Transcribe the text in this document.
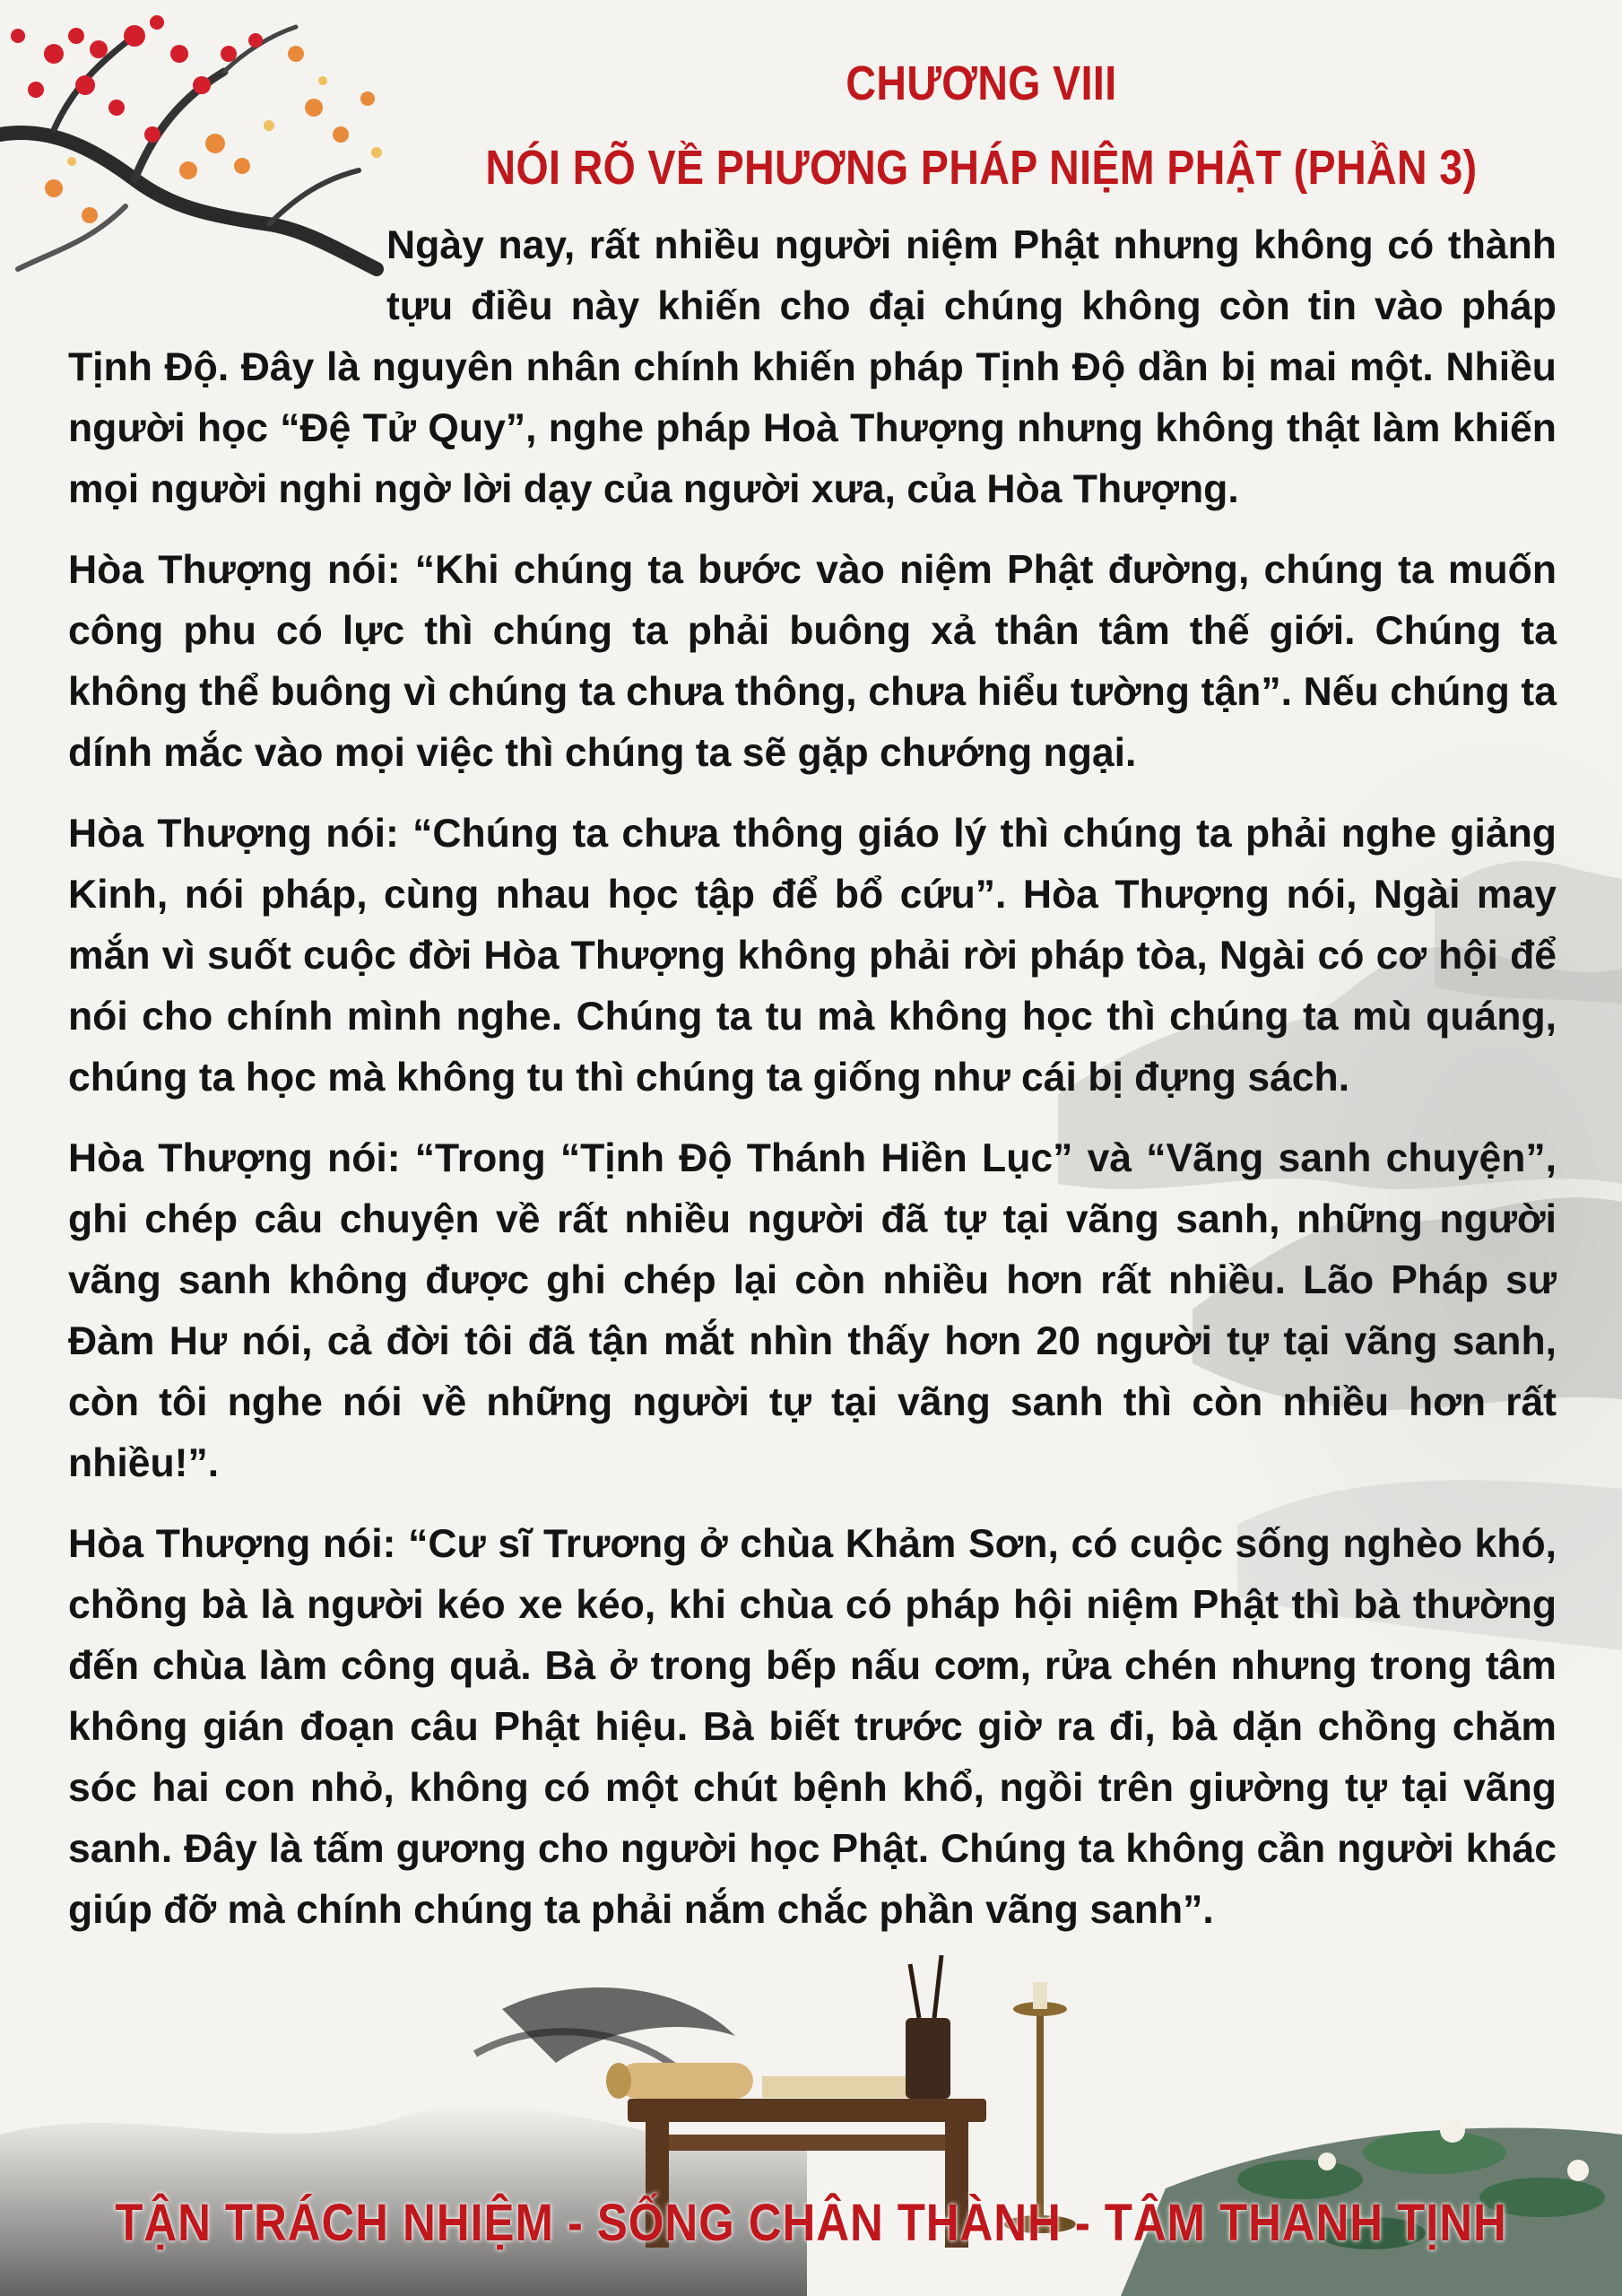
CHƯƠNG VIII
NÓI RÕ VỀ PHƯƠNG PHÁP NIỆM PHẬT (PHẦN 3)

Ngày nay, rất nhiều người niệm Phật nhưng không có thành tựu điều này khiến cho đại chúng không còn tin vào pháp Tịnh Độ. Đây là nguyên nhân chính khiến pháp Tịnh Độ dần bị mai một. Nhiều người học “Đệ Tử Quy”, nghe pháp Hoà Thượng nhưng không thật làm khiến mọi người nghi ngờ lời dạy của người xưa, của Hòa Thượng.

Hòa Thượng nói: “Khi chúng ta bước vào niệm Phật đường, chúng ta muốn công phu có lực thì chúng ta phải buông xả thân tâm thế giới. Chúng ta không thể buông vì chúng ta chưa thông, chưa hiểu tường tận”. Nếu chúng ta dính mắc vào mọi việc thì chúng ta sẽ gặp chướng ngại.

Hòa Thượng nói: “Chúng ta chưa thông giáo lý thì chúng ta phải nghe giảng Kinh, nói pháp, cùng nhau học tập để bổ cứu”. Hòa Thượng nói, Ngài may mắn vì suốt cuộc đời Hòa Thượng không phải rời pháp tòa, Ngài có cơ hội để nói cho chính mình nghe. Chúng ta tu mà không học thì chúng ta mù quáng, chúng ta học mà không tu thì chúng ta giống như cái bị đựng sách.

Hòa Thượng nói: “Trong “Tịnh Độ Thánh Hiền Lục” và “Vãng sanh chuyện”, ghi chép câu chuyện về rất nhiều người đã tự tại vãng sanh, những người vãng sanh không được ghi chép lại còn nhiều hơn rất nhiều. Lão Pháp sư Đàm Hư nói, cả đời tôi đã tận mắt nhìn thấy hơn 20 người tự tại vãng sanh, còn tôi nghe nói về những người tự tại vãng sanh thì còn nhiều hơn rất nhiều!”.

Hòa Thượng nói: “Cư sĩ Trương ở chùa Khảm Sơn, có cuộc sống nghèo khó, chồng bà là người kéo xe kéo, khi chùa có pháp hội niệm Phật thì bà thường đến chùa làm công quả. Bà ở trong bếp nấu cơm, rửa chén nhưng trong tâm không gián đoạn câu Phật hiệu. Bà biết trước giờ ra đi, bà dặn chồng chăm sóc hai con nhỏ, không có một chút bệnh khổ, ngồi trên giường tự tại vãng sanh. Đây là tấm gương cho người học Phật. Chúng ta không cần người khác giúp đỡ mà chính chúng ta phải nắm chắc phần vãng sanh”.

TẬN TRÁCH NHIỆM - SỐNG CHÂN THÀNH - TÂM THANH TỊNH
